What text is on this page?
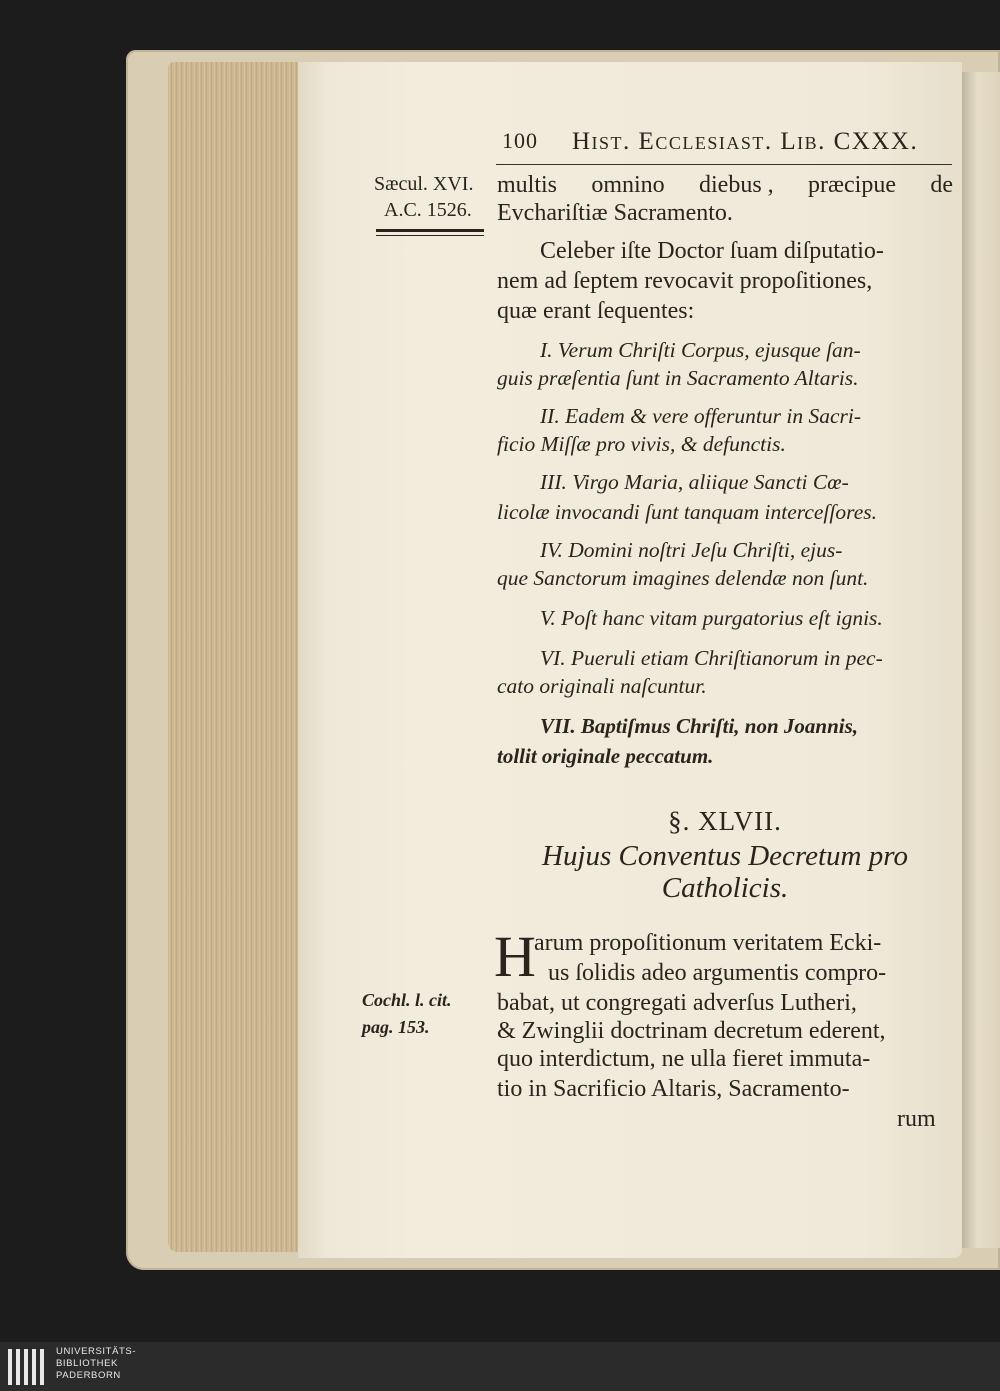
100	Hist. Ecclesiast. Lib. CXXX.
Sæcul. XVI.
A.C. 1526.
Cochl. l. cit.
pag. 153.
multis omnino diebus , præcipue de
Evchariſtiæ Sacramento.
Celeber iſte Doctor ſuam diſputatio-
nem ad ſeptem revocavit propoſitiones,
quæ erant ſequentes:
I. Verum Chriſti Corpus, ejusque ſan-
guis præſentia ſunt in Sacramento Altaris.
II. Eadem & vere offeruntur in Sacri-
ficio Miſſæ pro vivis, & defunctis.
III. Virgo Maria, aliique Sancti Cœ-
licolæ invocandi ſunt tanquam interceſſores.
IV. Domini noſtri Jeſu Chriſti, ejus-
que Sanctorum imagines delendæ non ſunt.
V. Poſt hanc vitam purgatorius eſt ignis.
VI. Pueruli etiam Chriſtianorum in pec-
cato originali naſcuntur.
VII. Baptiſmus Chriſti, non Joannis,
tollit originale peccatum.
§. XLVII.
Hujus Conventus Decretum pro
Catholicis.
H
arum propoſitionum veritatem Ecki-
us ſolidis adeo argumentis compro-
babat, ut congregati adverſus Lutheri,
& Zwinglii doctrinam decretum ederent,
quo interdictum, ne ulla fieret immuta-
tio in Sacrificio Altaris, Sacramento-
rum
UNIVERSITÄTS-
BIBLIOTHEK
PADERBORN
